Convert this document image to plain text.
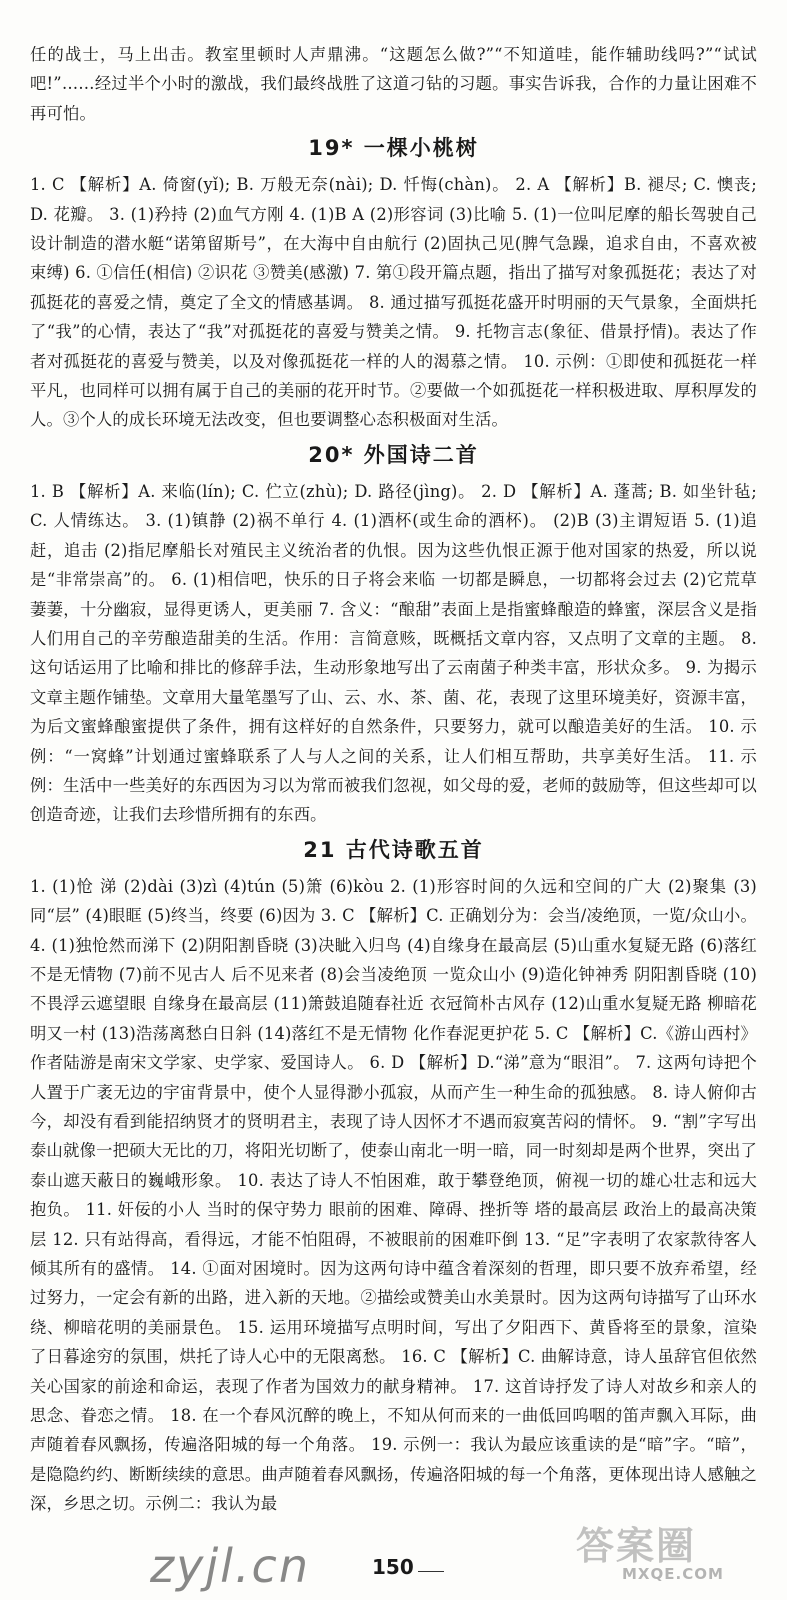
任的战士，马上出击。教室里顿时人声鼎沸。“这题怎么做?”“不知道哇，能作辅助线吗?”“试试吧!”……经过半个小时的激战，我们最终战胜了这道刁钻的习题。事实告诉我，合作的力量让困难不再可怕。

19* 一棵小桃树

1. C 【解析】A. 倚窗(yǐ); B. 万般无奈(nài); D. 忏悔(chàn)。 2. A 【解析】B. 褪尽; C. 懊丧; D. 花瓣。 3. (1)矜持 (2)血气方刚 4. (1)B A (2)形容词 (3)比喻 5. (1)一位叫尼摩的船长驾驶自己设计制造的潜水艇“诺第留斯号”，在大海中自由航行 (2)固执己见(脾气急躁，追求自由，不喜欢被束缚) 6. ①信任(相信) ②识花 ③赞美(感激) 7. 第①段开篇点题，指出了描写对象孤挺花；表达了对孤挺花的喜爱之情，奠定了全文的情感基调。 8. 通过描写孤挺花盛开时明丽的天气景象，全面烘托了“我”的心情，表达了“我”对孤挺花的喜爱与赞美之情。 9. 托物言志(象征、借景抒情)。表达了作者对孤挺花的喜爱与赞美，以及对像孤挺花一样的人的渴慕之情。 10. 示例：①即使和孤挺花一样平凡，也同样可以拥有属于自己的美丽的花开时节。②要做一个如孤挺花一样积极进取、厚积厚发的人。③个人的成长环境无法改变，但也要调整心态积极面对生活。

20* 外国诗二首

1. B 【解析】A. 来临(lín); C. 伫立(zhù); D. 路径(jìng)。 2. D 【解析】A. 蓬蒿; B. 如坐针毡; C. 人情练达。 3. (1)镇静 (2)祸不单行 4. (1)酒杯(或生命的酒杯)。 (2)B (3)主谓短语 5. (1)追赶，追击 (2)指尼摩船长对殖民主义统治者的仇恨。因为这些仇恨正源于他对国家的热爱，所以说是“非常崇高”的。 6. (1)相信吧，快乐的日子将会来临 一切都是瞬息，一切都将会过去 (2)它荒草萋萋，十分幽寂，显得更诱人，更美丽 7. 含义：“酿甜”表面上是指蜜蜂酿造的蜂蜜，深层含义是指人们用自己的辛劳酿造甜美的生活。作用：言简意赅，既概括文章内容，又点明了文章的主题。 8. 这句话运用了比喻和排比的修辞手法，生动形象地写出了云南菌子种类丰富，形状众多。 9. 为揭示文章主题作铺垫。文章用大量笔墨写了山、云、水、茶、菌、花，表现了这里环境美好，资源丰富，为后文蜜蜂酿蜜提供了条件，拥有这样好的自然条件，只要努力，就可以酿造美好的生活。 10. 示例：“一窝蜂”计划通过蜜蜂联系了人与人之间的关系，让人们相互帮助，共享美好生活。 11. 示例：生活中一些美好的东西因为习以为常而被我们忽视，如父母的爱，老师的鼓励等，但这些却可以创造奇迹，让我们去珍惜所拥有的东西。

21 古代诗歌五首

1. (1)怆 涕 (2)dài (3)zì (4)tún (5)箫 (6)kòu 2. (1)形容时间的久远和空间的广大 (2)聚集 (3)同“层” (4)眼眶 (5)终当，终要 (6)因为 3. C 【解析】C. 正确划分为：会当/凌绝顶，一览/众山小。 4. (1)独怆然而涕下 (2)阴阳割昏晓 (3)决眦入归鸟 (4)自缘身在最高层 (5)山重水复疑无路 (6)落红不是无情物 (7)前不见古人 后不见来者 (8)会当凌绝顶 一览众山小 (9)造化钟神秀 阴阳割昏晓 (10)不畏浮云遮望眼 自缘身在最高层 (11)箫鼓追随春社近 衣冠简朴古风存 (12)山重水复疑无路 柳暗花明又一村 (13)浩荡离愁白日斜 (14)落红不是无情物 化作春泥更护花 5. C 【解析】C.《游山西村》作者陆游是南宋文学家、史学家、爱国诗人。 6. D 【解析】D.“涕”意为“眼泪”。 7. 这两句诗把个人置于广袤无边的宇宙背景中，使个人显得渺小孤寂，从而产生一种生命的孤独感。 8. 诗人俯仰古今，却没有看到能招纳贤才的贤明君主，表现了诗人因怀才不遇而寂寞苦闷的情怀。 9. “割”字写出泰山就像一把硕大无比的刀，将阳光切断了，使泰山南北一明一暗，同一时刻却是两个世界，突出了泰山遮天蔽日的巍峨形象。 10. 表达了诗人不怕困难，敢于攀登绝顶，俯视一切的雄心壮志和远大抱负。 11. 奸佞的小人 当时的保守势力 眼前的困难、障碍、挫折等 塔的最高层 政治上的最高决策层 12. 只有站得高，看得远，才能不怕阻碍，不被眼前的困难吓倒 13. “足”字表明了农家款待客人倾其所有的盛情。 14. ①面对困境时。因为这两句诗中蕴含着深刻的哲理，即只要不放弃希望，经过努力，一定会有新的出路，进入新的天地。②描绘或赞美山水美景时。因为这两句诗描写了山环水绕、柳暗花明的美丽景色。 15. 运用环境描写点明时间，写出了夕阳西下、黄昏将至的景象，渲染了日暮途穷的氛围，烘托了诗人心中的无限离愁。 16. C 【解析】C. 曲解诗意，诗人虽辞官但依然关心国家的前途和命运，表现了作者为国效力的献身精神。 17. 这首诗抒发了诗人对故乡和亲人的思念、眷恋之情。 18. 在一个春风沉醉的晚上，不知从何而来的一曲低回呜咽的笛声飘入耳际，曲声随着春风飘扬，传遍洛阳城的每一个角落。 19. 示例一：我认为最应该重读的是“暗”字。“暗”，是隐隐约约、断断续续的意思。曲声随着春风飘扬，传遍洛阳城的每一个角落，更体现出诗人感触之深，乡思之切。示例二：我认为最

zyjl.cn	150	答案圈
MXQE.COM
